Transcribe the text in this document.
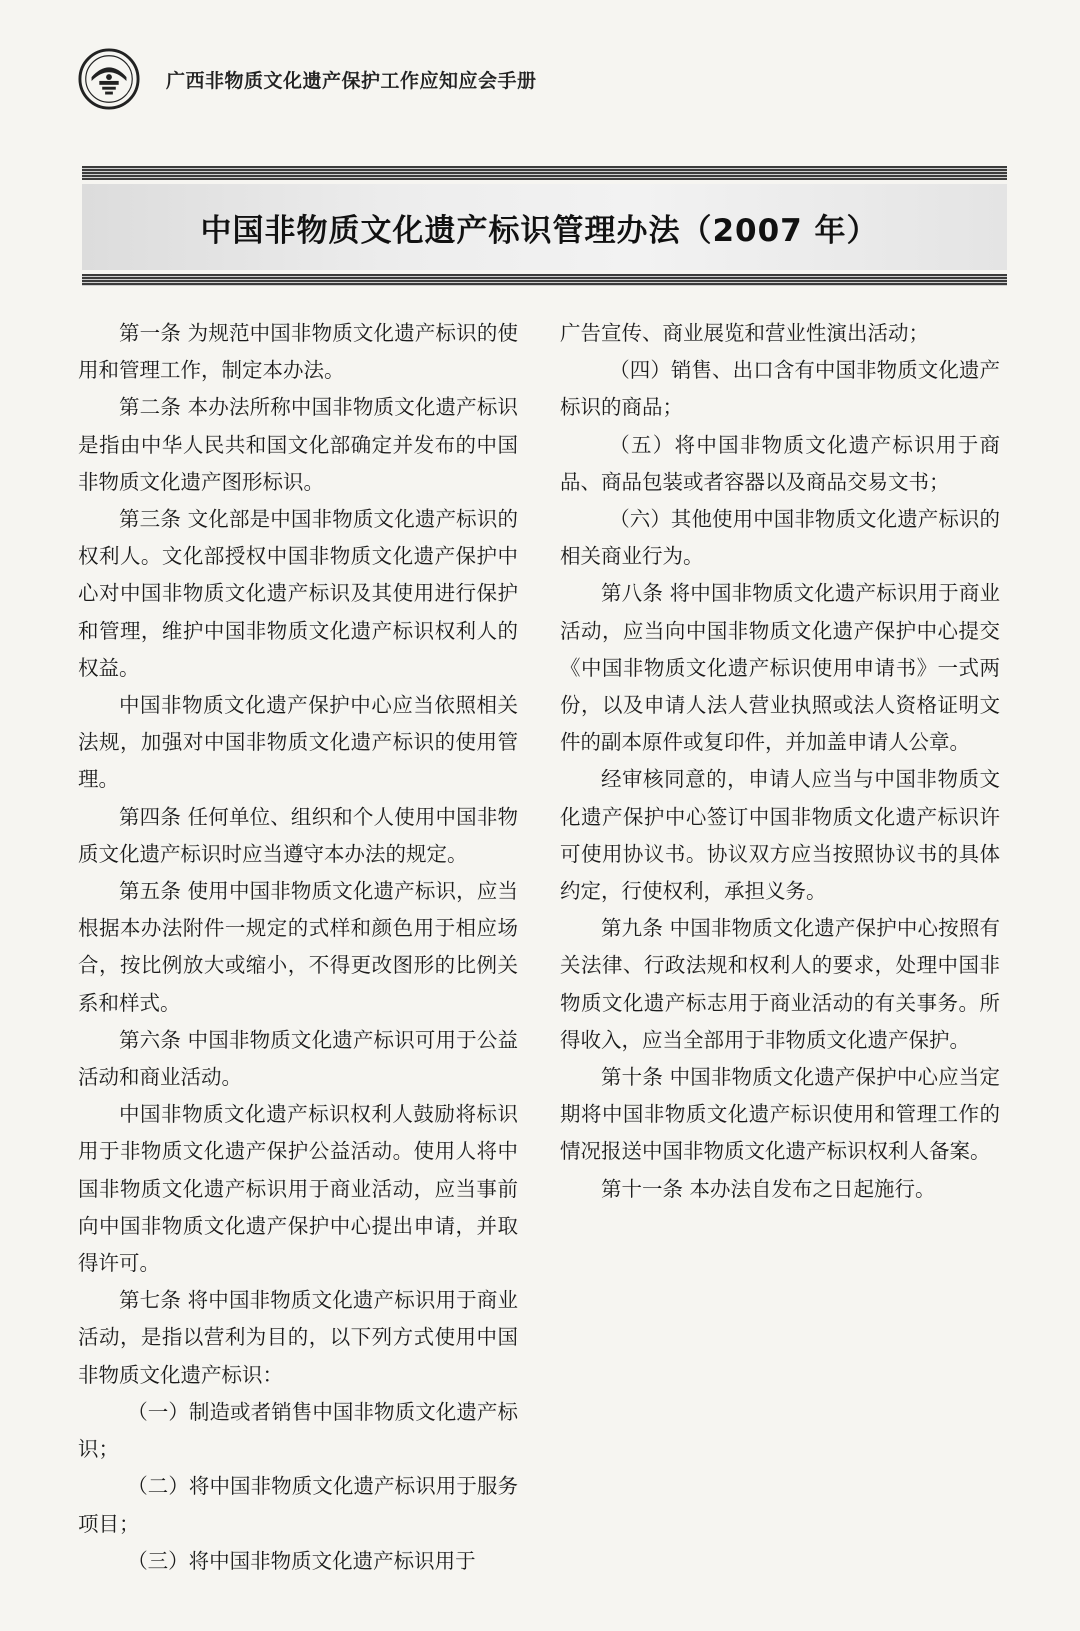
广西非物质文化遗产保护工作应知应会手册
中国非物质文化遗产标识管理办法（2007 年）

第一条 为规范中国非物质文化遗产标识的使用和管理工作，制定本办法。

第二条 本办法所称中国非物质文化遗产标识是指由中华人民共和国文化部确定并发布的中国非物质文化遗产图形标识。

第三条 文化部是中国非物质文化遗产标识的权利人。文化部授权中国非物质文化遗产保护中心对中国非物质文化遗产标识及其使用进行保护和管理，维护中国非物质文化遗产标识权利人的权益。

中国非物质文化遗产保护中心应当依照相关法规，加强对中国非物质文化遗产标识的使用管理。

第四条 任何单位、组织和个人使用中国非物质文化遗产标识时应当遵守本办法的规定。

第五条 使用中国非物质文化遗产标识，应当根据本办法附件一规定的式样和颜色用于相应场合，按比例放大或缩小，不得更改图形的比例关系和样式。

第六条 中国非物质文化遗产标识可用于公益活动和商业活动。

中国非物质文化遗产标识权利人鼓励将标识用于非物质文化遗产保护公益活动。使用人将中国非物质文化遗产标识用于商业活动，应当事前向中国非物质文化遗产保护中心提出申请，并取得许可。

第七条 将中国非物质文化遗产标识用于商业活动，是指以营利为目的，以下列方式使用中国非物质文化遗产标识：

（一）制造或者销售中国非物质文化遗产标识；

（二）将中国非物质文化遗产标识用于服务项目；

（三）将中国非物质文化遗产标识用于

广告宣传、商业展览和营业性演出活动；

（四）销售、出口含有中国非物质文化遗产标识的商品；

（五）将中国非物质文化遗产标识用于商品、商品包装或者容器以及商品交易文书；

（六）其他使用中国非物质文化遗产标识的相关商业行为。

第八条 将中国非物质文化遗产标识用于商业活动，应当向中国非物质文化遗产保护中心提交《中国非物质文化遗产标识使用申请书》一式两份，以及申请人法人营业执照或法人资格证明文件的副本原件或复印件，并加盖申请人公章。

经审核同意的，申请人应当与中国非物质文化遗产保护中心签订中国非物质文化遗产标识许可使用协议书。协议双方应当按照协议书的具体约定，行使权利，承担义务。

第九条 中国非物质文化遗产保护中心按照有关法律、行政法规和权利人的要求，处理中国非物质文化遗产标志用于商业活动的有关事务。所得收入，应当全部用于非物质文化遗产保护。

第十条 中国非物质文化遗产保护中心应当定期将中国非物质文化遗产标识使用和管理工作的情况报送中国非物质文化遗产标识权利人备案。

第十一条 本办法自发布之日起施行。
